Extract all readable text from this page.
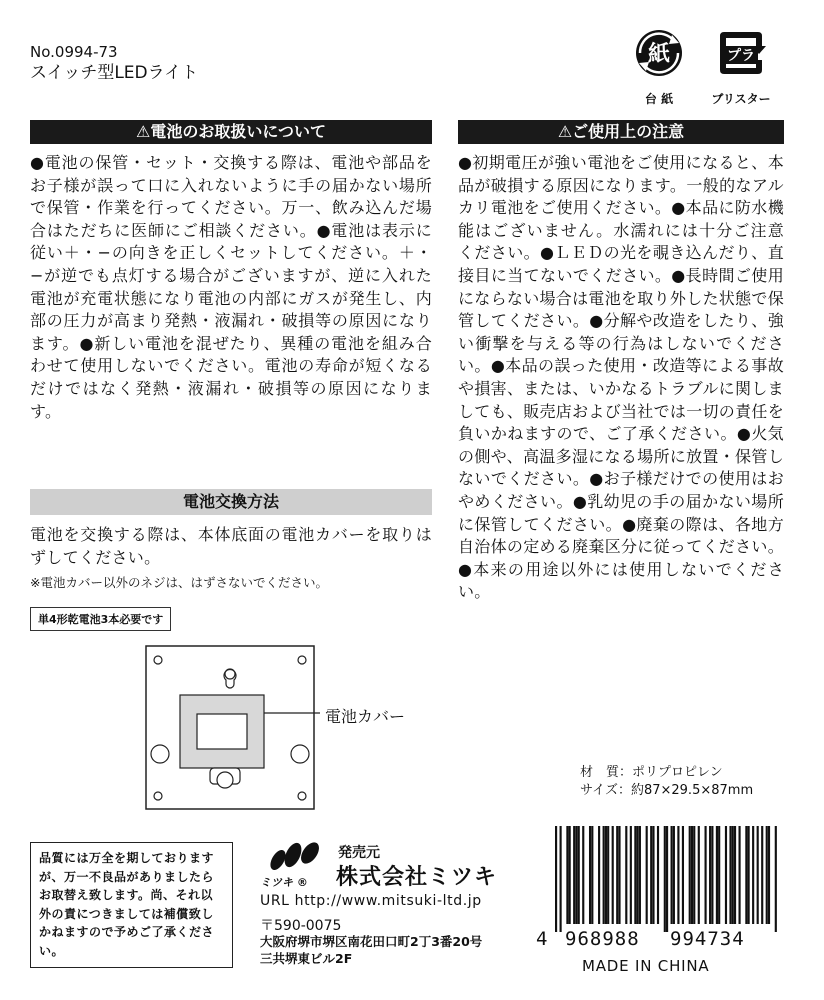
No.0994-73
スイッチ型LEDライト
紙
台 紙
プラ
ブリスター
⚠電池のお取扱いについて
●電池の保管・セット・交換する際は、電池や部品をお子様が誤って口に入れないように手の届かない場所で保管・作業を行ってください。万一、飲み込んだ場合はただちに医師にご相談ください。●電池は表示に従い＋・−の向きを正しくセットしてください。＋・−が逆でも点灯する場合がございますが、逆に入れた電池が充電状態になり電池の内部にガスが発生し、内部の圧力が高まり発熱・液漏れ・破損等の原因になります。●新しい電池を混ぜたり、異種の電池を組み合わせて使用しないでください。電池の寿命が短くなるだけではなく発熱・液漏れ・破損等の原因になります。
電池交換方法
電池を交換する際は、本体底面の電池カバーを取りはずしてください。
※電池カバー以外のネジは、はずさないでください。
単4形乾電池3本必要です
電池カバー
⚠ご使用上の注意
●初期電圧が強い電池をご使用になると、本品が破損する原因になります。一般的なアルカリ電池をご使用ください。●本品に防水機能はございません。水濡れには十分ご注意ください。●ＬＥＤの光を覗き込んだり、直接目に当てないでください。●長時間ご使用にならない場合は電池を取り外した状態で保管してください。●分解や改造をしたり、強い衝撃を与える等の行為はしないでください。●本品の誤った使用・改造等による事故や損害、または、いかなるトラブルに関しましても、販売店および当社では一切の責任を負いかねますので、ご了承ください。●火気の側や、高温多湿になる場所に放置・保管しないでください。●お子様だけでの使用はおやめください。●乳幼児の手の届かない場所に保管してください。●廃棄の際は、各地方自治体の定める廃棄区分に従ってください。●本来の用途以外には使用しないでください。
材　質：ポリプロピレン
サイズ：約87×29.5×87mm
品質には万全を期しておりますが、万一不良品がありましたらお取替え致します。尚、それ以外の責につきましては補償致しかねますので予めご了承ください。
ミツキ ®
発売元
株式会社ミツキ
URL http://www.mitsuki-ltd.jp
〒590-0075
大阪府堺市堺区南花田口町2丁3番20号
三共堺東ビル2F
4 968988 994734
MADE IN CHINA
